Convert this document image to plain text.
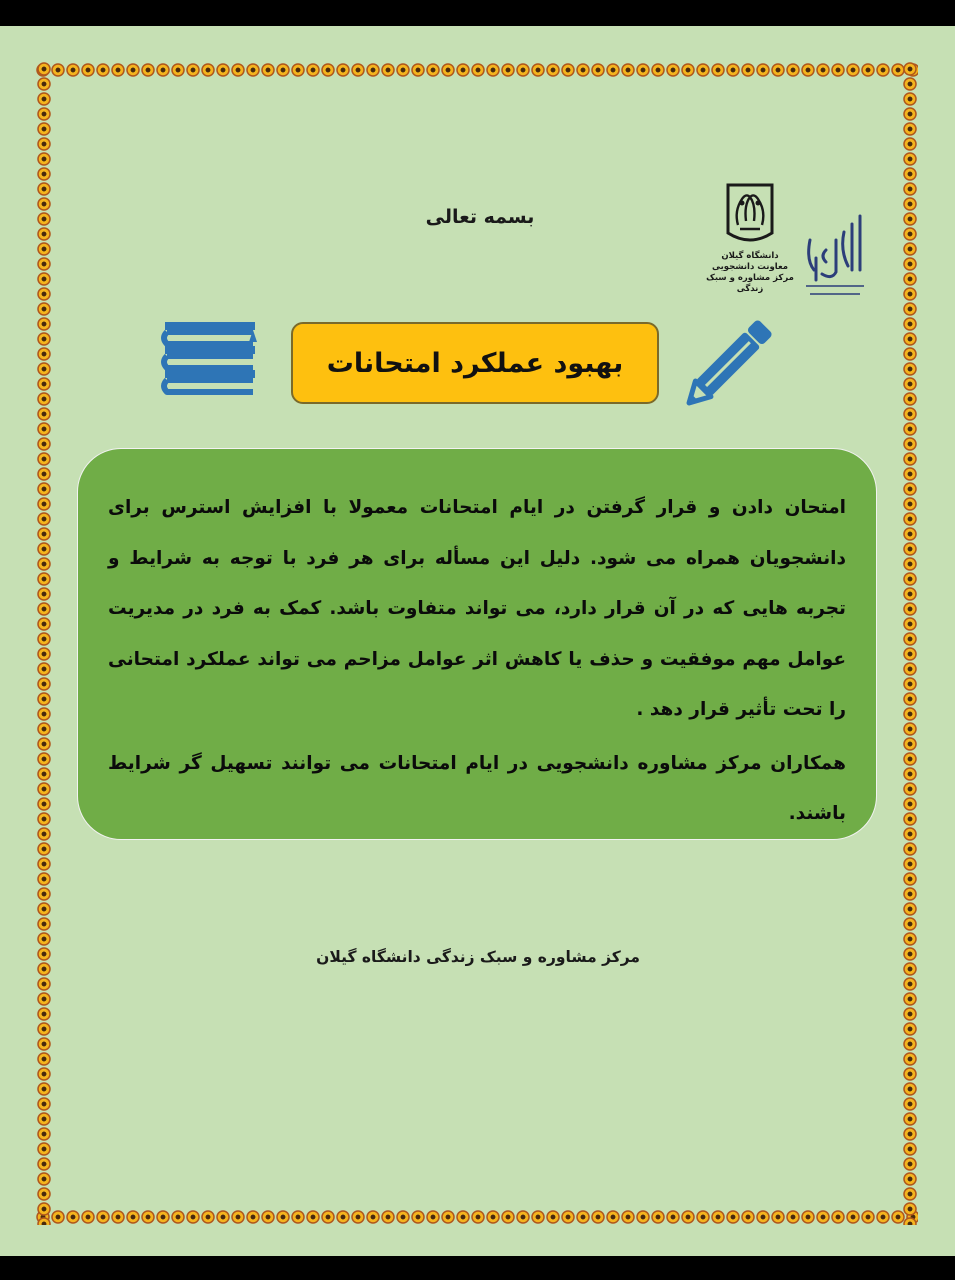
بسمه تعالی
دانشگاه گیلان
معاونت دانشجویی
مرکز مشاوره و سبک زندگی
بهبود عملکرد امتحانات

امتحان دادن و قرار گرفتن در ایام امتحانات معمولا با افزایش استرس برای دانشجویان همراه می شود. دلیل این مسأله برای هر فرد با توجه به شرایط و تجربه هایی که در آن قرار دارد، می تواند متفاوت باشد. کمک به فرد در مدیریت عوامل مهم موفقیت و حذف یا کاهش اثر عوامل مزاحم می تواند عملکرد امتحانی را تحت تأثیر قرار دهد .

همکاران مرکز مشاوره دانشجویی در ایام امتحانات می توانند تسهیل گر شرایط باشند.

مرکز مشاوره و سبک زندگی دانشگاه گیلان
